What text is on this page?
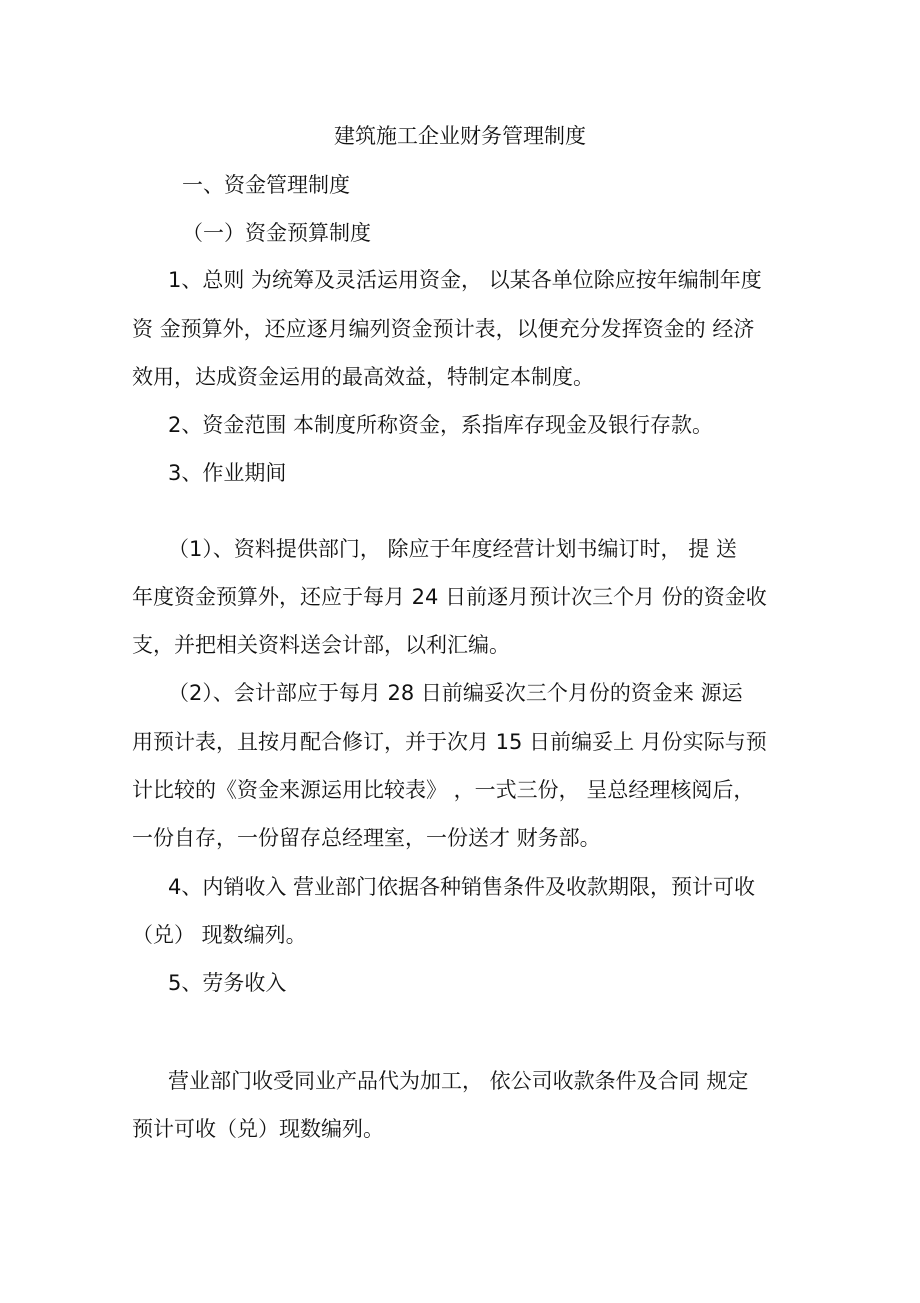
建筑施工企业财务管理制度
一、资金管理制度
（一）资金预算制度
1、总则 为统筹及灵活运用资金， 以某各单位除应按年编制年度
资 金预算外，还应逐月编列资金预计表，以便充分发挥资金的 经济
效用，达成资金运用的最高效益，特制定本制度。
2、资金范围 本制度所称资金，系指库存现金及银行存款。
3、作业期间
（1）、资料提供部门， 除应于年度经营计划书编订时， 提 送
年度资金预算外，还应于每月 24 日前逐月预计次三个月 份的资金收
支，并把相关资料送会计部，以利汇编。
（2）、会计部应于每月 28 日前编妥次三个月份的资金来 源运
用预计表，且按月配合修订，并于次月 15 日前编妥上 月份实际与预
计比较的《资金来源运用比较表》 ，一式三份， 呈总经理核阅后，
一份自存，一份留存总经理室，一份送才 财务部。
4、内销收入 营业部门依据各种销售条件及收款期限，预计可收
（兑） 现数编列。
5、劳务收入
营业部门收受同业产品代为加工， 依公司收款条件及合同 规定
预计可收（兑）现数编列。
